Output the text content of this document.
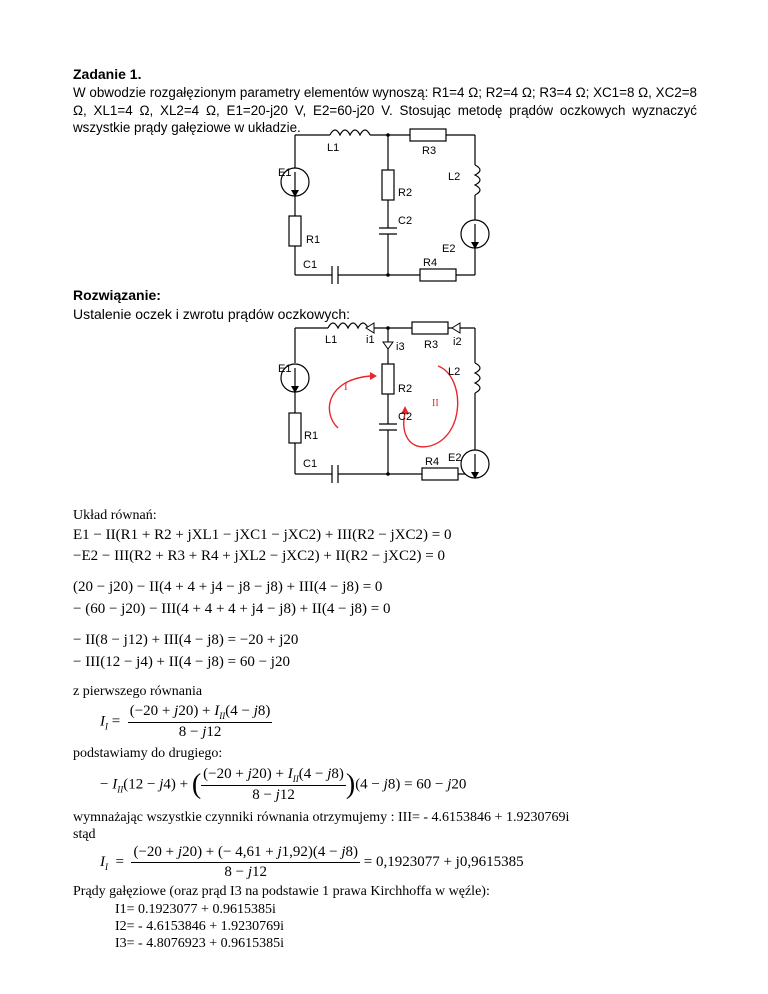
Zadanie 1.
W obwodzie rozgałęzionym parametry elementów wynoszą: R1=4 Ω; R2=4 Ω; R3=4 Ω; XC1=8 Ω, XC2=8 Ω, XL1=4 Ω, XL2=4 Ω, E1=20-j20 V, E2=60-j20 V. Stosując metodę prądów oczkowych wyznaczyć wszystkie prądy gałęziowe w układzie.
L1	R3
E1	L2
R2
C2
R1
E2
C1	R4
Rozwiązanie:
Ustalenie oczek i zwrotu prądów oczkowych:
L1	i1
i3 R3 i2
E1
I	R2
II
L2
C2
R1
C1	R4 E2
Układ równań:
E1 − II(R1 + R2 + jXL1 − jXC1 − jXC2) + III(R2 − jXC2) = 0
−E2 − III(R2 + R3 + R4 + jXL2 − jXC2) + II(R2 − jXC2) = 0
(20 − j20) − II(4 + 4 + j4 − j8 − j8) + III(4 − j8) = 0
− (60 − j20) − III(4 + 4 + 4 + j4 − j8) + II(4 − j8) = 0
− II(8 − j12) + III(4 − j8) = −20 + j20
− III(12 − j4) + II(4 − j8) = 60 − j20
z pierwszego równania
$I_I = \frac{(-20 + j20) + I_{II}(4 - j8)}{8 - j12}$
podstawiamy do drugiego:
− $I_{II}(12 - j4)$ + ( $\frac{(-20 + j20) + I_{II}(4 - j8)}{8 - j12} )(4 - j8) = 60 - j20$
wymnażając wszystkie czynniki równania otrzymujemy : III= - 4.6153846 + 1.9230769i
stąd
$I_I = \frac{(-20 + j20) + (- 4,61 + j1,92)(4 - j8)}{8 - j12} = 0,1923077 + j0,9615385$
Prądy gałęziowe (oraz prąd I3 na podstawie 1 prawa Kirchhoffa w węźle):
I1= 0.1923077 + 0.9615385i
I2= - 4.6153846 + 1.9230769i
I3= - 4.8076923 + 0.9615385i
